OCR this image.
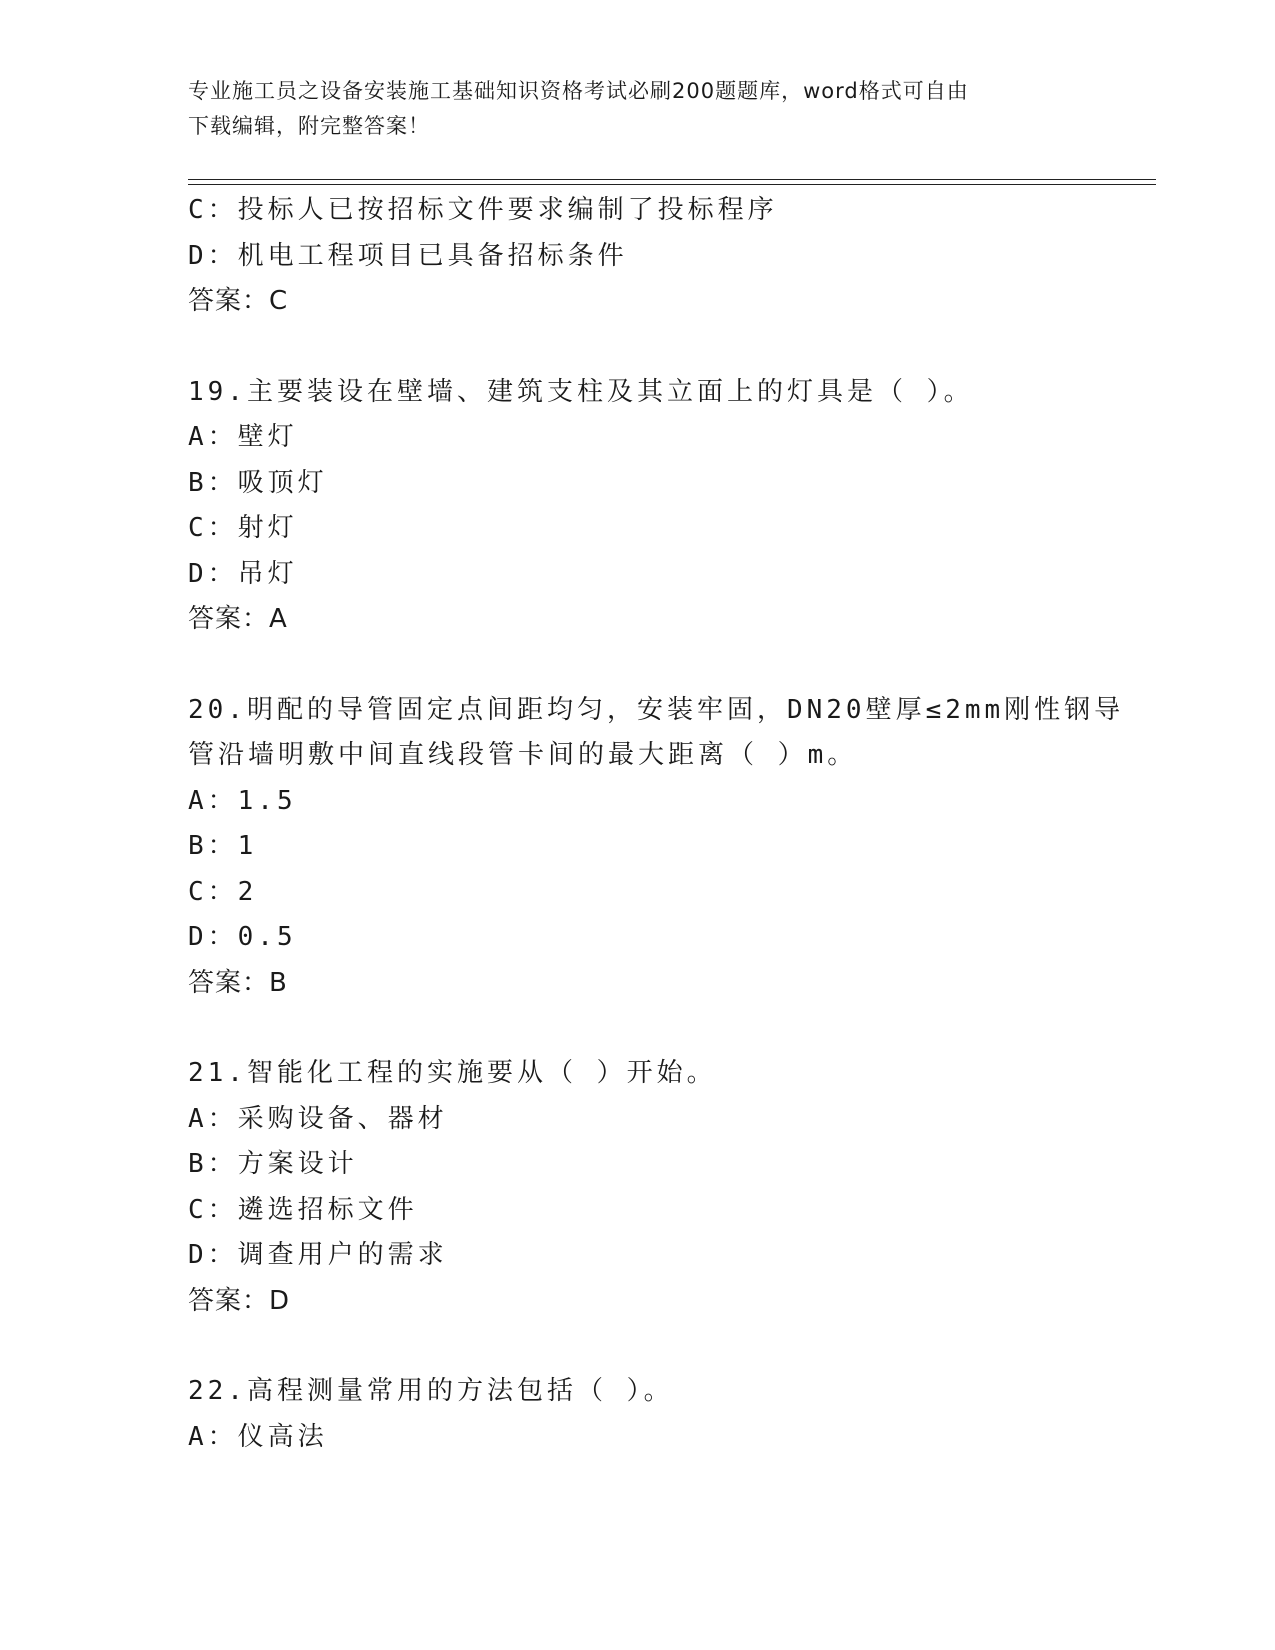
专业施工员之设备安装施工基础知识资格考试必刷200题题库，word格式可自由
下载编辑，附完整答案！
C：投标人已按招标文件要求编制了投标程序
D：机电工程项目已具备招标条件
答案：C
19.主要装设在壁墙、建筑支柱及其立面上的灯具是（ ）。
A：壁灯
B：吸顶灯
C：射灯
D：吊灯
答案：A
20.明配的导管固定点间距均匀，安装牢固，DN20壁厚≤2mm刚性钢导
管沿墙明敷中间直线段管卡间的最大距离（ ）m。
A：1.5
B：1
C：2
D：0.5
答案：B
21.智能化工程的实施要从（ ）开始。
A：采购设备、器材
B：方案设计
C：遴选招标文件
D：调查用户的需求
答案：D
22.高程测量常用的方法包括（ ）。
A：仪高法
